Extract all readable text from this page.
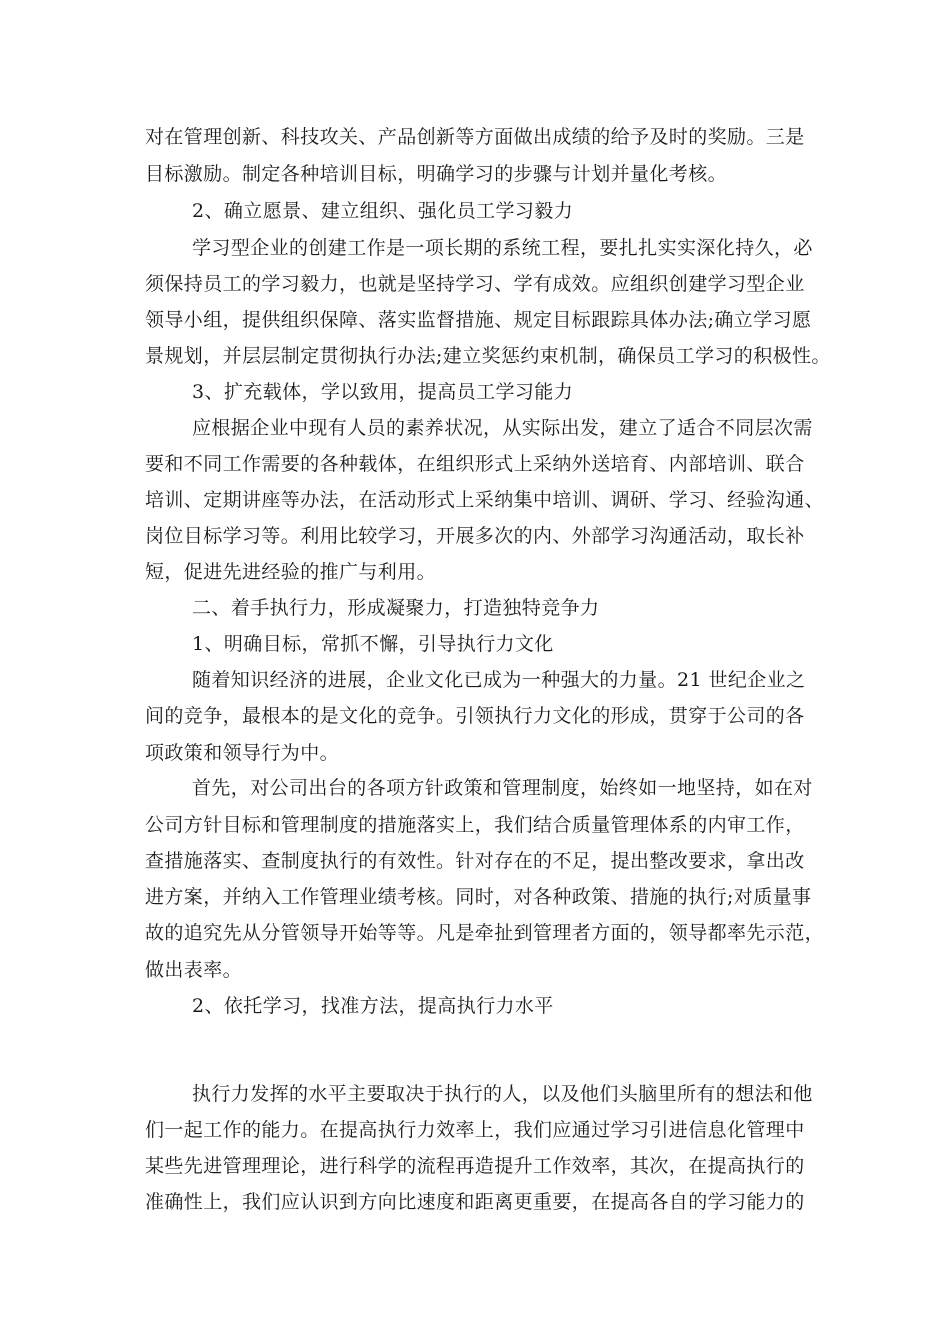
对在管理创新、科技攻关、产品创新等方面做出成绩的给予及时的奖励。三是
目标激励。制定各种培训目标，明确学习的步骤与计划并量化考核。
2、确立愿景、建立组织、强化员工学习毅力
学习型企业的创建工作是一项长期的系统工程，要扎扎实实深化持久，必
须保持员工的学习毅力，也就是坚持学习、学有成效。应组织创建学习型企业
领导小组，提供组织保障、落实监督措施、规定目标跟踪具体办法;确立学习愿
景规划，并层层制定贯彻执行办法;建立奖惩约束机制，确保员工学习的积极性。
3、扩充载体，学以致用，提高员工学习能力
应根据企业中现有人员的素养状况，从实际出发，建立了适合不同层次需
要和不同工作需要的各种载体，在组织形式上采纳外送培育、内部培训、联合
培训、定期讲座等办法，在活动形式上采纳集中培训、调研、学习、经验沟通、
岗位目标学习等。利用比较学习，开展多次的内、外部学习沟通活动，取长补
短，促进先进经验的推广与利用。
二、着手执行力，形成凝聚力，打造独特竞争力
1、明确目标，常抓不懈，引导执行力文化
随着知识经济的进展，企业文化已成为一种强大的力量。21 世纪企业之
间的竞争，最根本的是文化的竞争。引领执行力文化的形成，贯穿于公司的各
项政策和领导行为中。
首先，对公司出台的各项方针政策和管理制度，始终如一地坚持，如在对
公司方针目标和管理制度的措施落实上，我们结合质量管理体系的内审工作，
查措施落实、查制度执行的有效性。针对存在的不足，提出整改要求，拿出改
进方案，并纳入工作管理业绩考核。同时，对各种政策、措施的执行;对质量事
故的追究先从分管领导开始等等。凡是牵扯到管理者方面的，领导都率先示范，
做出表率。
2、依托学习，找准方法，提高执行力水平
执行力发挥的水平主要取决于执行的人，以及他们头脑里所有的想法和他
们一起工作的能力。在提高执行力效率上，我们应通过学习引进信息化管理中
某些先进管理理论，进行科学的流程再造提升工作效率，其次，在提高执行的
准确性上，我们应认识到方向比速度和距离更重要，在提高各自的学习能力的
